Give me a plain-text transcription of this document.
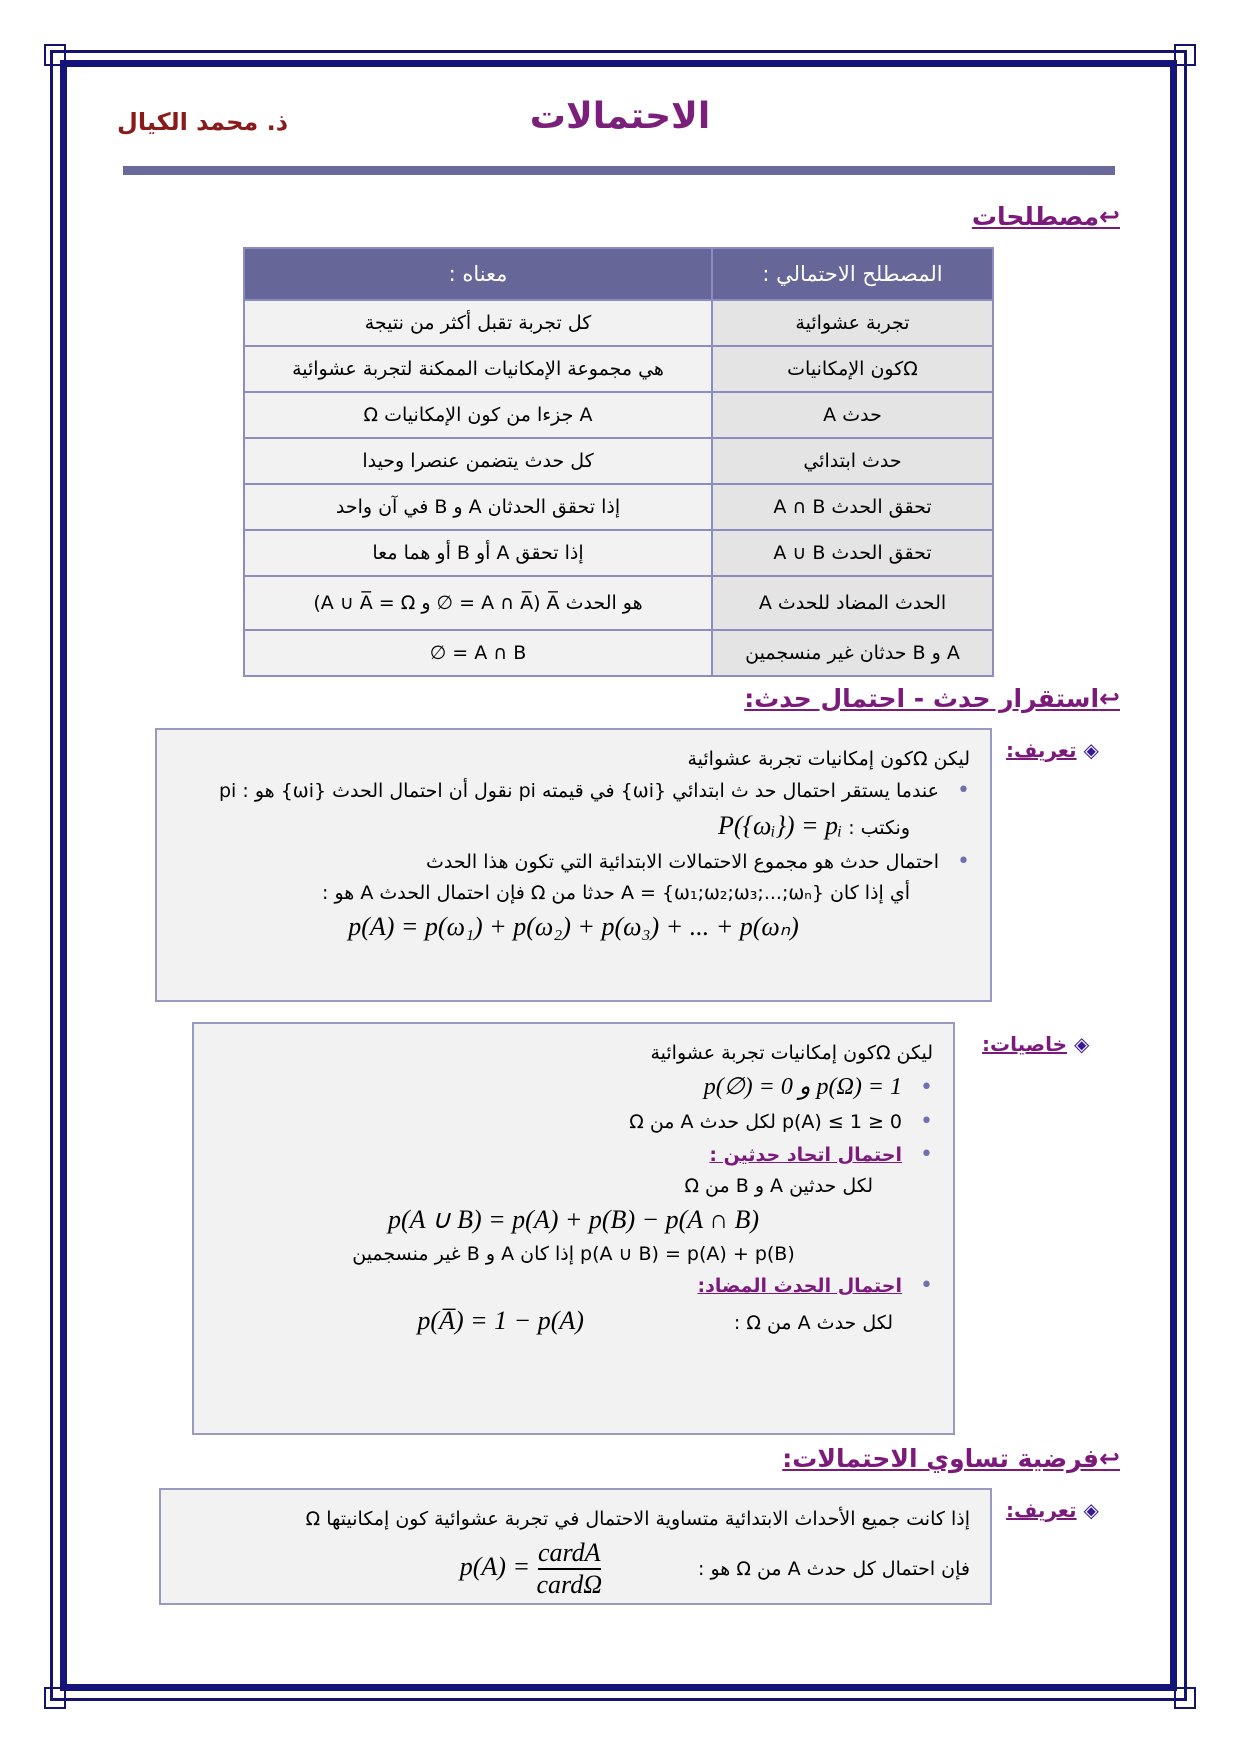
الاحتمالات
ذ. محمد الكيال
↩مصطلحات
المصطلح الاحتمالي :	معناه :
تجربة عشوائية	كل تجربة تقبل أكثر من نتيجة
Ωكون الإمكانيات	هي مجموعة الإمكانيات الممكنة لتجربة عشوائية
حدث A	A جزءا من كون الإمكانيات Ω
حدث ابتدائي	كل حدث يتضمن عنصرا وحيدا
تحقق الحدث A ∩ B	إذا تحقق الحدثان A و B في آن واحد
تحقق الحدث A ∪ B	إذا تحقق A أو B أو هما معا
الحدث المضاد للحدث A	هو الحدث A̅ (A ∩ A̅ = ∅ و A ∪ A̅ = Ω)
A و B حدثان غير منسجمين	A ∩ B = ∅
↩استقرار حدث - احتمال حدث:
◈ تعريف:
ليكن Ωكون إمكانيات تجربة عشوائية
• عندما يستقر احتمال حد ث ابتدائي {ωi} في قيمته pi نقول أن احتمال الحدث {ωi} هو : pi
ونكتب : P({ωᵢ}) = pᵢ
• احتمال حدث هو مجموع الاحتمالات الابتدائية التي تكون هذا الحدث
أي إذا كان A = {ω₁;ω₂;ω₃;...;ωₙ} حدثا من Ω فإن احتمال الحدث A هو :
p(A) = p(ω₁) + p(ω₂) + p(ω₃) + ... + p(ωₙ)
◈ خاصيات:
ليكن Ωكون إمكانيات تجربة عشوائية
• p(∅) = 0 و p(Ω) = 1
• 0 ≤ p(A) ≤ 1 لكل حدث A من Ω
• احتمال اتحاد حدثين :
لكل حدثين A و B من Ω
p(A ∪ B) = p(A) + p(B) − p(A ∩ B)
p(A ∪ B) = p(A) + p(B) إذا كان A و B غير منسجمين
• احتمال الحدث المضاد:
لكل حدث A من Ω :p(A̅) = 1 − p(A)
↩فرضية تساوي الاحتمالات:
◈ تعريف:
إذا كانت جميع الأحداث الابتدائية متساوية الاحتمال في تجربة عشوائية كون إمكانيتها Ω
فإن احتمال كل حدث A من Ω هو : $p(A) = \frac{\text{cardA}}{\text{cardΩ}}$
